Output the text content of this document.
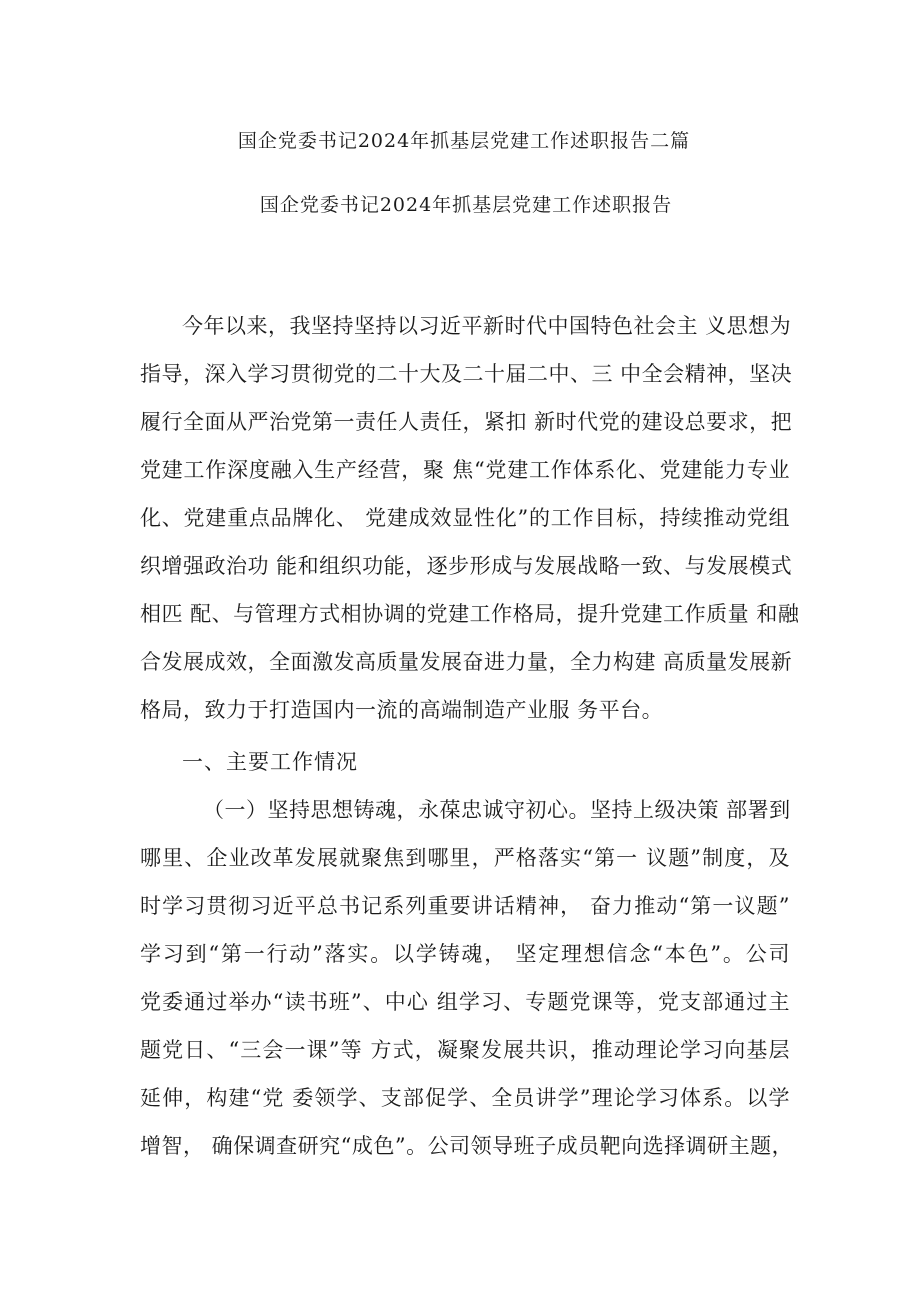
国企党委书记2024年抓基层党建工作述职报告二篇
国企党委书记2024年抓基层党建工作述职报告
今年以来，我坚持坚持以习近平新时代中国特色社会主 义思想为
指导，深入学习贯彻党的二十大及二十届二中、三 中全会精神，坚决
履行全面从严治党第一责任人责任，紧扣 新时代党的建设总要求，把
党建工作深度融入生产经营，聚 焦“党建工作体系化、党建能力专业
化、党建重点品牌化、 党建成效显性化”的工作目标，持续推动党组
织增强政治功 能和组织功能，逐步形成与发展战略一致、与发展模式
相匹 配、与管理方式相协调的党建工作格局，提升党建工作质量 和融
合发展成效，全面激发高质量发展奋进力量，全力构建 高质量发展新
格局，致力于打造国内一流的高端制造产业服 务平台。
一、主要工作情况
（一）坚持思想铸魂，永葆忠诚守初心。坚持上级决策 部署到
哪里、企业改革发展就聚焦到哪里，严格落实“第一 议题”制度，及
时学习贯彻习近平总书记系列重要讲话精神， 奋力推动“第一议题”
学习到“第一行动”落实。以学铸魂， 坚定理想信念“本色”。公司
党委通过举办“读书班”、中心 组学习、专题党课等，党支部通过主
题党日、“三会一课”等 方式，凝聚发展共识，推动理论学习向基层
延伸，构建“党 委领学、支部促学、全员讲学”理论学习体系。以学
增智， 确保调查研究“成色”。公司领导班子成员靶向选择调研主题，
